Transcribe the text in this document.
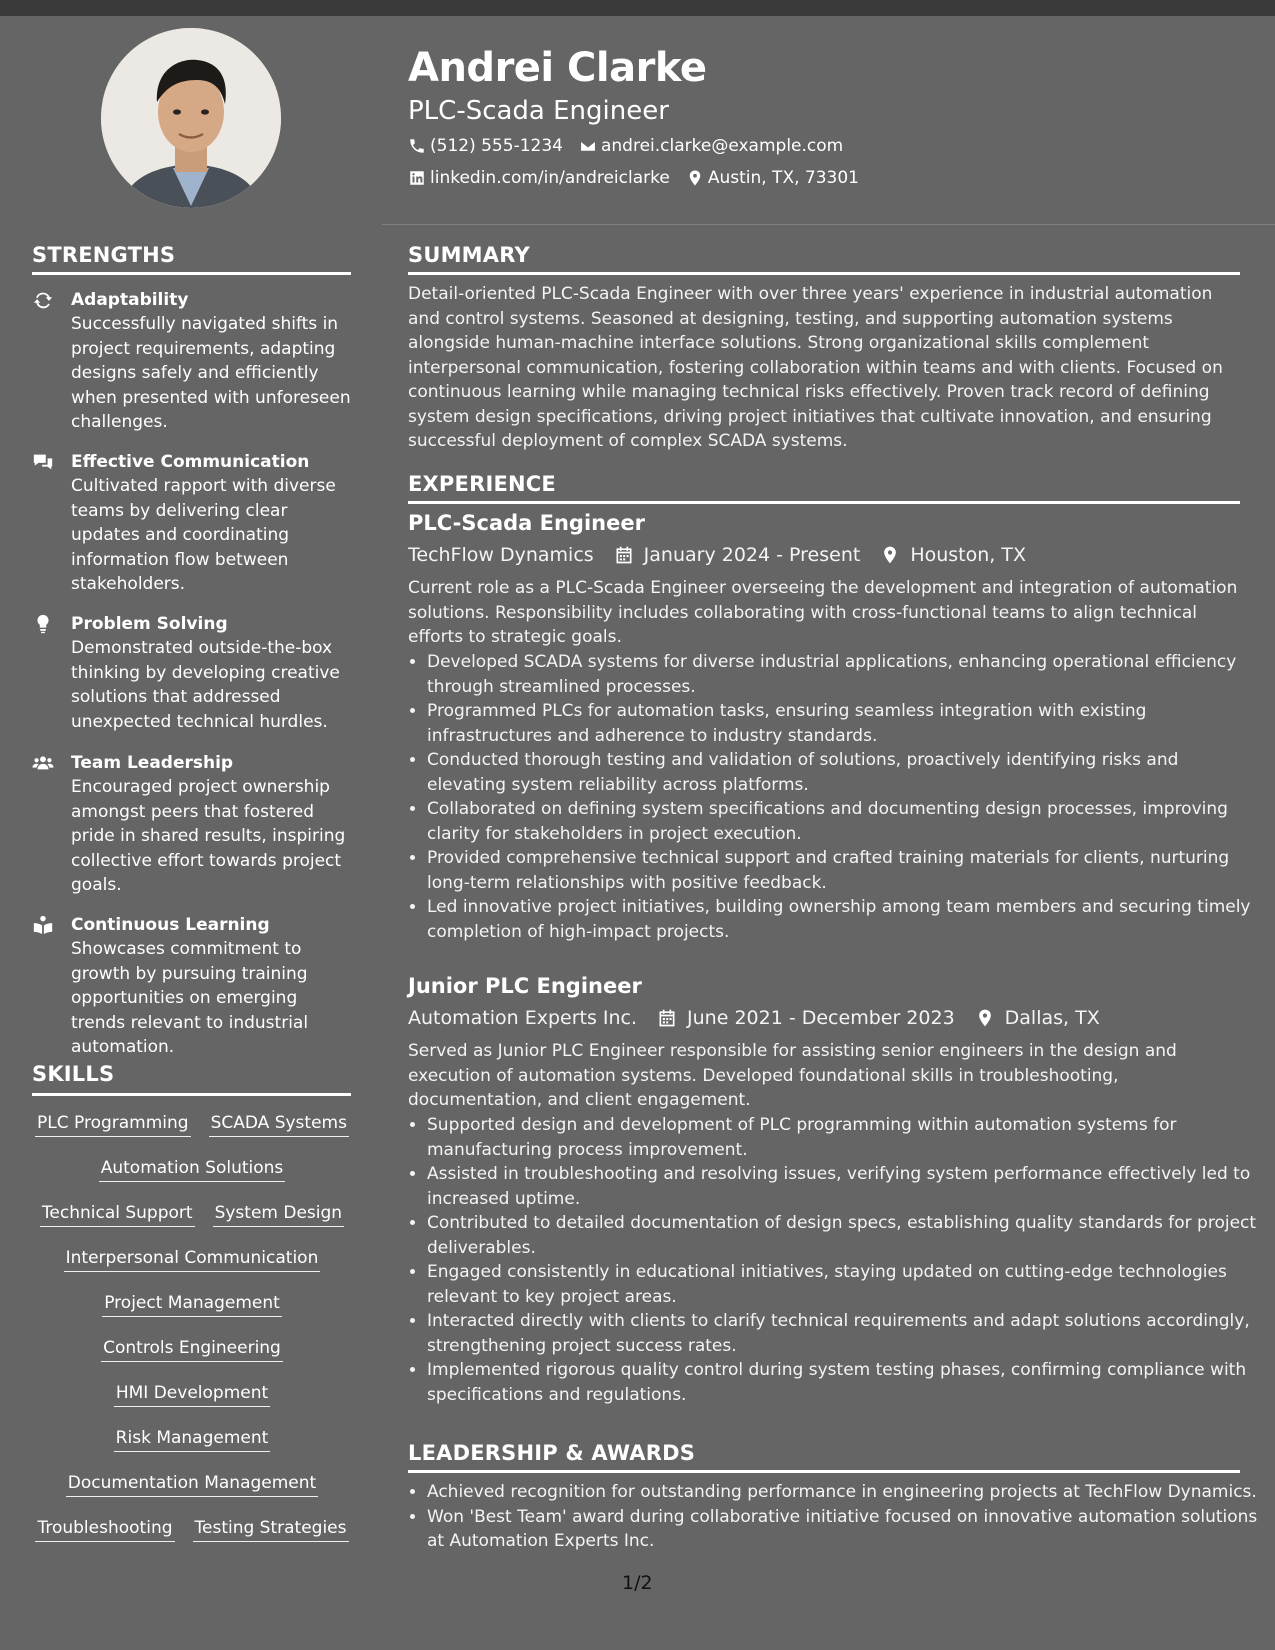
Andrei Clarke
PLC-Scada Engineer
(512) 555-1234 andrei.clarke@example.com
linkedin.com/in/andreiclarke Austin, TX, 73301
STRENGTHS
Adaptability
Successfully navigated shifts in project requirements, adapting designs safely and efficiently when presented with unforeseen challenges.
Effective Communication
Cultivated rapport with diverse teams by delivering clear updates and coordinating information flow between stakeholders.
Problem Solving
Demonstrated outside-the-box thinking by developing creative solutions that addressed unexpected technical hurdles.
Team Leadership
Encouraged project ownership amongst peers that fostered pride in shared results, inspiring collective effort towards project goals.
Continuous Learning
Showcases commitment to growth by pursuing training opportunities on emerging trends relevant to industrial automation.
SKILLS
PLC Programming SCADA Systems
Automation Solutions
Technical Support System Design
Interpersonal Communication
Project Management
Controls Engineering
HMI Development
Risk Management
Documentation Management
Troubleshooting Testing Strategies
SUMMARY
Detail-oriented PLC-Scada Engineer with over three years' experience in industrial automation and control systems. Seasoned at designing, testing, and supporting automation systems alongside human-machine interface solutions. Strong organizational skills complement interpersonal communication, fostering collaboration within teams and with clients. Focused on continuous learning while managing technical risks effectively. Proven track record of defining system design specifications, driving project initiatives that cultivate innovation, and ensuring successful deployment of complex SCADA systems.
EXPERIENCE
PLC-Scada Engineer
TechFlow Dynamics	January 2024 - Present	Houston, TX
Current role as a PLC-Scada Engineer overseeing the development and integration of automation solutions. Responsibility includes collaborating with cross-functional teams to align technical efforts to strategic goals.
• Developed SCADA systems for diverse industrial applications, enhancing operational efficiency through streamlined processes.
• Programmed PLCs for automation tasks, ensuring seamless integration with existing infrastructures and adherence to industry standards.
• Conducted thorough testing and validation of solutions, proactively identifying risks and elevating system reliability across platforms.
• Collaborated on defining system specifications and documenting design processes, improving clarity for stakeholders in project execution.
• Provided comprehensive technical support and crafted training materials for clients, nurturing long-term relationships with positive feedback.
• Led innovative project initiatives, building ownership among team members and securing timely completion of high-impact projects.
Junior PLC Engineer
Automation Experts Inc.	June 2021 - December 2023	Dallas, TX
Served as Junior PLC Engineer responsible for assisting senior engineers in the design and execution of automation systems. Developed foundational skills in troubleshooting, documentation, and client engagement.
• Supported design and development of PLC programming within automation systems for manufacturing process improvement.
• Assisted in troubleshooting and resolving issues, verifying system performance effectively led to increased uptime.
• Contributed to detailed documentation of design specs, establishing quality standards for project deliverables.
• Engaged consistently in educational initiatives, staying updated on cutting-edge technologies relevant to key project areas.
• Interacted directly with clients to clarify technical requirements and adapt solutions accordingly, strengthening project success rates.
• Implemented rigorous quality control during system testing phases, confirming compliance with specifications and regulations.
LEADERSHIP & AWARDS
• Achieved recognition for outstanding performance in engineering projects at TechFlow Dynamics.
• Won 'Best Team' award during collaborative initiative focused on innovative automation solutions at Automation Experts Inc.
1/2
